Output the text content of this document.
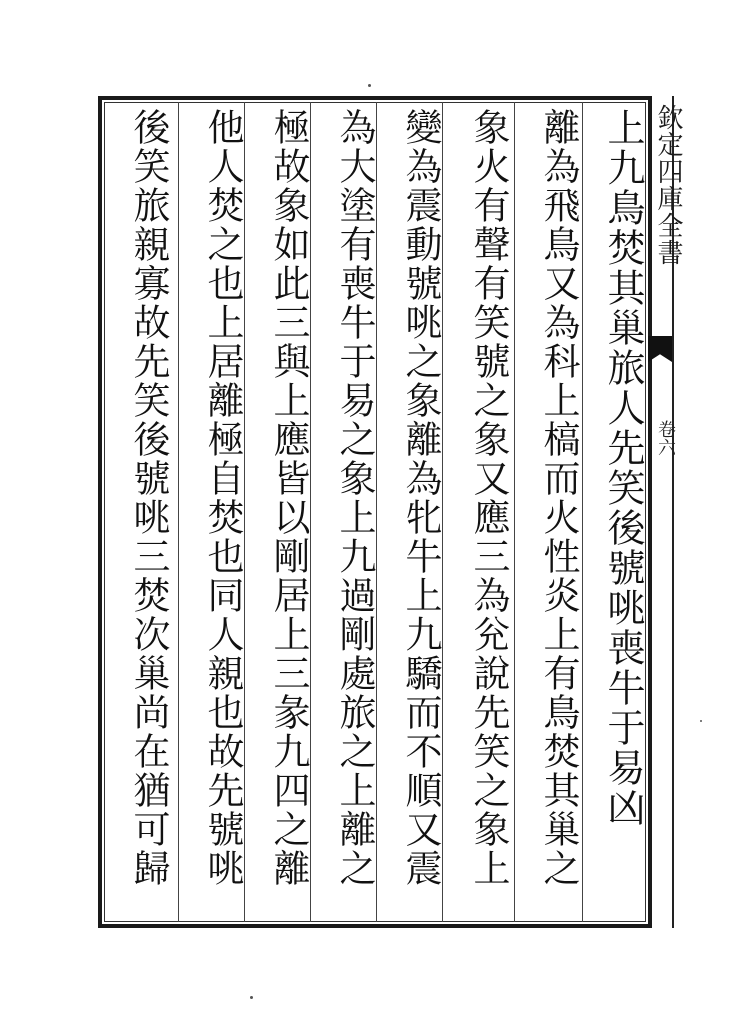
欽定四庫全書
卷六
上九鳥焚其巢旅人先笑後號咷喪牛于易凶
離為飛鳥又為科上槁而火性炎上有鳥焚其巢之
象火有聲有笑號之象又應三為兊說先笑之象上
變為震動號咷之象離為牝牛上九驕而不順又震
為大塗有喪牛于易之象上九過剛處旅之上離之
極故象如此三與上應皆以剛居上三彖九四之離
他人焚之也上居離極自焚也同人親也故先號咷
後笑旅親寡故先笑後號咷三焚次巢尚在猶可歸
